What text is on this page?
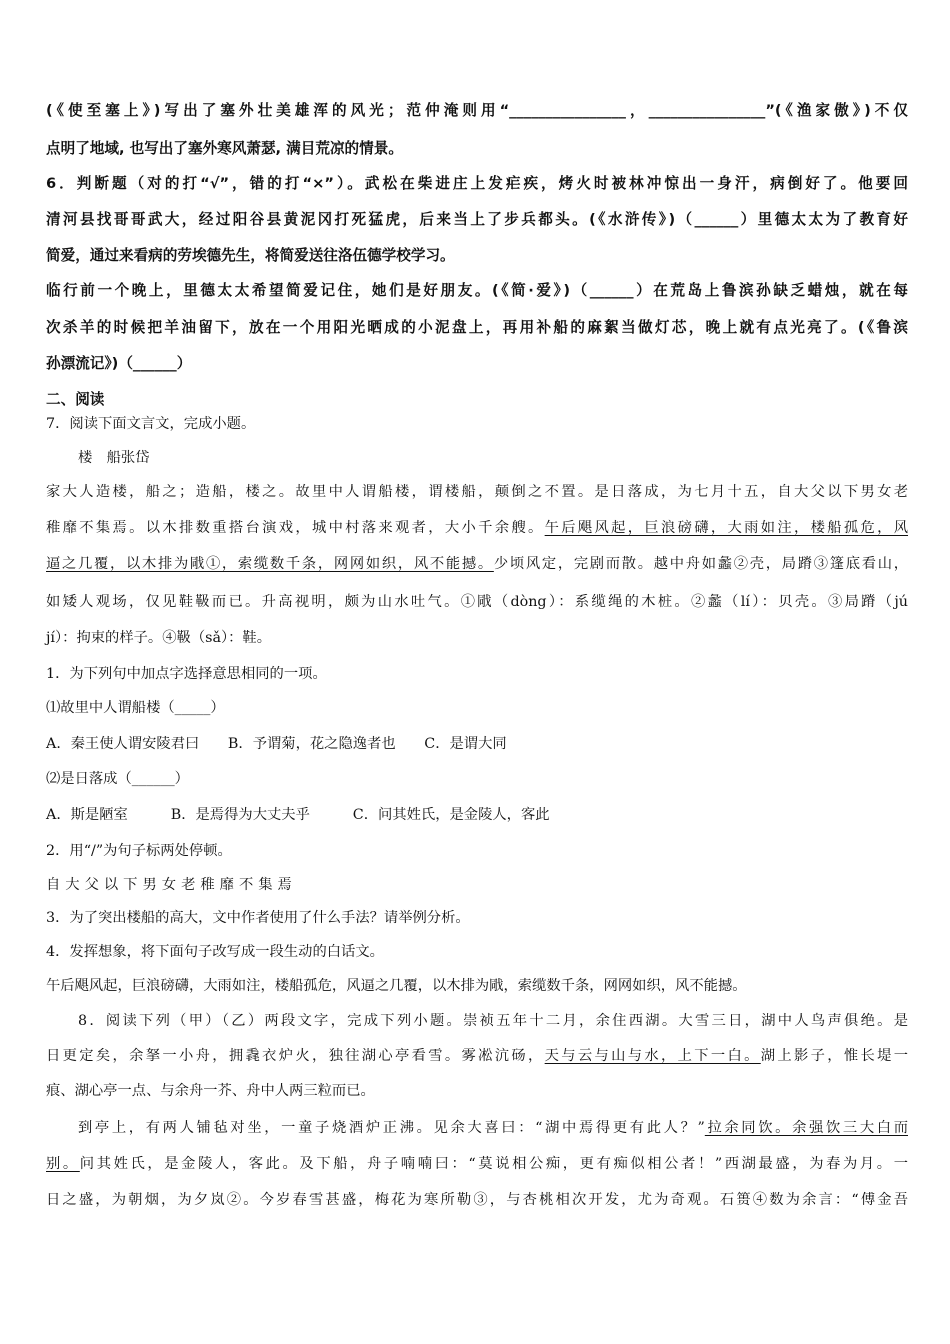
(《使至塞上》)写出了塞外壮美雄浑的风光；范仲淹则用“________________，________________”(《渔家傲》)不仅

点明了地域, 也写出了塞外寒风萧瑟, 满目荒凉的情景。

6．判断题（对的打“√”，错的打“×”）。武松在柴进庄上发疟疾，烤火时被林冲惊出一身汗，病倒好了。他要回

清河县找哥哥武大，经过阳谷县黄泥冈打死猛虎，后来当上了步兵都头。(《水浒传》)（______）里德太太为了教育好

简爱，通过来看病的劳埃德先生，将简爱送往洛伍德学校学习。

临行前一个晚上，里德太太希望简爱记住，她们是好朋友。(《简·爱》)（______）在荒岛上鲁滨孙缺乏蜡烛，就在每

次杀羊的时候把羊油留下，放在一个用阳光晒成的小泥盘上，再用补船的麻絮当做灯芯，晚上就有点光亮了。(《鲁滨

孙漂流记》)（______）

二、阅读

7．阅读下面文言文，完成小题。

楼　船张岱

家大人造楼，船之；造船，楼之。故里中人谓船楼，谓楼船，颠倒之不置。是日落成，为七月十五，自大父以下男女老

稚靡不集焉。以木排数重搭台演戏，城中村落来观者，大小千余艘。午后飓风起，巨浪磅礴，大雨如注，楼船孤危，风

逼之几覆，以木排为戙①，索缆数千条，网网如织，风不能撼。少顷风定，完剧而散。越中舟如蠡②壳，局蹐③篷底看山，

如矮人观场，仅见鞋靸而已。升高视明，颇为山水吐气。①戙（dòng）：系缆绳的木桩。②蠡（lí）：贝壳。③局蹐（jú

jí）：拘束的样子。④靸（sǎ）：鞋。

1．为下列句中加点字选择意思相同的一项。

⑴故里中人谓船楼（_____）

A．秦王使人谓安陵君曰　　B．予谓菊，花之隐逸者也　　C．是谓大同

⑵是日落成（______）

A．斯是陋室　　　B．是焉得为大丈夫乎　　　C．问其姓氏，是金陵人，客此

2．用“/”为句子标两处停顿。

自大父以下男女老稚靡不集焉

3．为了突出楼船的高大，文中作者使用了什么手法？请举例分析。

4．发挥想象，将下面句子改写成一段生动的白话文。

午后飓风起，巨浪磅礴，大雨如注，楼船孤危，风逼之几覆，以木排为戙，索缆数千条，网网如织，风不能撼。

8．阅读下列（甲）（乙）两段文字，完成下列小题。崇祯五年十二月，余住西湖。大雪三日，湖中人鸟声俱绝。是

日更定矣，余拏一小舟，拥毳衣炉火，独往湖心亭看雪。雾凇沆砀，天与云与山与水，上下一白。湖上影子，惟长堤一

痕、湖心亭一点、与余舟一芥、舟中人两三粒而已。

到亭上，有两人铺毡对坐，一童子烧酒炉正沸。见余大喜曰：“湖中焉得更有此人？”拉余同饮。余强饮三大白而

别。问其姓氏，是金陵人，客此。及下船，舟子喃喃曰：“莫说相公痴，更有痴似相公者！”西湖最盛，为春为月。一

日之盛，为朝烟，为夕岚②。今岁春雪甚盛，梅花为寒所勒③，与杏桃相次开发，尤为奇观。石篑④数为余言：“傅金吾
